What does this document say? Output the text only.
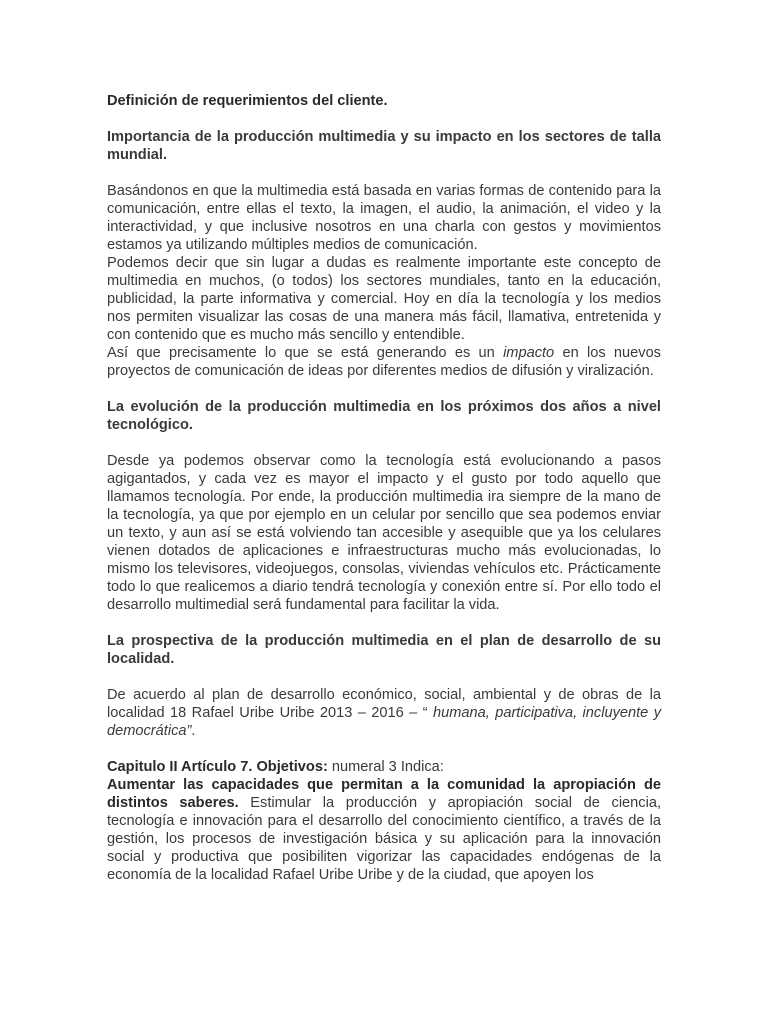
Definición de requerimientos del cliente.

Importancia de la producción multimedia y su impacto en los sectores de talla mundial.

Basándonos en que la multimedia está basada en varias formas de contenido para la comunicación, entre ellas el texto, la imagen, el audio, la animación, el video y la interactividad, y que inclusive nosotros en una charla con gestos y movimientos estamos ya utilizando múltiples medios de comunicación.

Podemos decir que sin lugar a dudas es realmente importante este concepto de multimedia en muchos, (o todos) los sectores mundiales, tanto en la educación, publicidad, la parte informativa y comercial. Hoy en día la tecnología y los medios nos permiten visualizar las cosas de una manera más fácil, llamativa, entretenida y con contenido que es mucho más sencillo y entendible.

Así que precisamente lo que se está generando es un impacto en los nuevos proyectos de comunicación de ideas por diferentes medios de difusión y viralización.

La evolución de la producción multimedia en los próximos dos años a nivel tecnológico.

Desde ya podemos observar como la tecnología está evolucionando a pasos agigantados, y cada vez es mayor el impacto y el gusto por todo aquello que llamamos tecnología. Por ende, la producción multimedia ira siempre de la mano de la tecnología, ya que por ejemplo en un celular por sencillo que sea podemos enviar un texto, y aun así se está volviendo tan accesible y asequible que ya los celulares vienen dotados de aplicaciones e infraestructuras mucho más evolucionadas, lo mismo los televisores, videojuegos, consolas, viviendas vehículos etc. Prácticamente todo lo que realicemos a diario tendrá tecnología y conexión entre sí. Por ello todo el desarrollo multimedial será fundamental para facilitar la vida.

La prospectiva de la producción multimedia en el plan de desarrollo de su localidad.

De acuerdo al plan de desarrollo económico, social, ambiental y de obras de la localidad 18 Rafael Uribe Uribe 2013 – 2016 – “ humana, participativa, incluyente y democrática”.

Capitulo II Artículo 7. Objetivos: numeral 3 Indica:

Aumentar las capacidades que permitan a la comunidad la apropiación de distintos saberes. Estimular la producción y apropiación social de ciencia, tecnología e innovación para el desarrollo del conocimiento científico, a través de la gestión, los procesos de investigación básica y su aplicación para la innovación social y productiva que posibiliten vigorizar las capacidades endógenas de la economía de la localidad Rafael Uribe Uribe y de la ciudad, que apoyen los
